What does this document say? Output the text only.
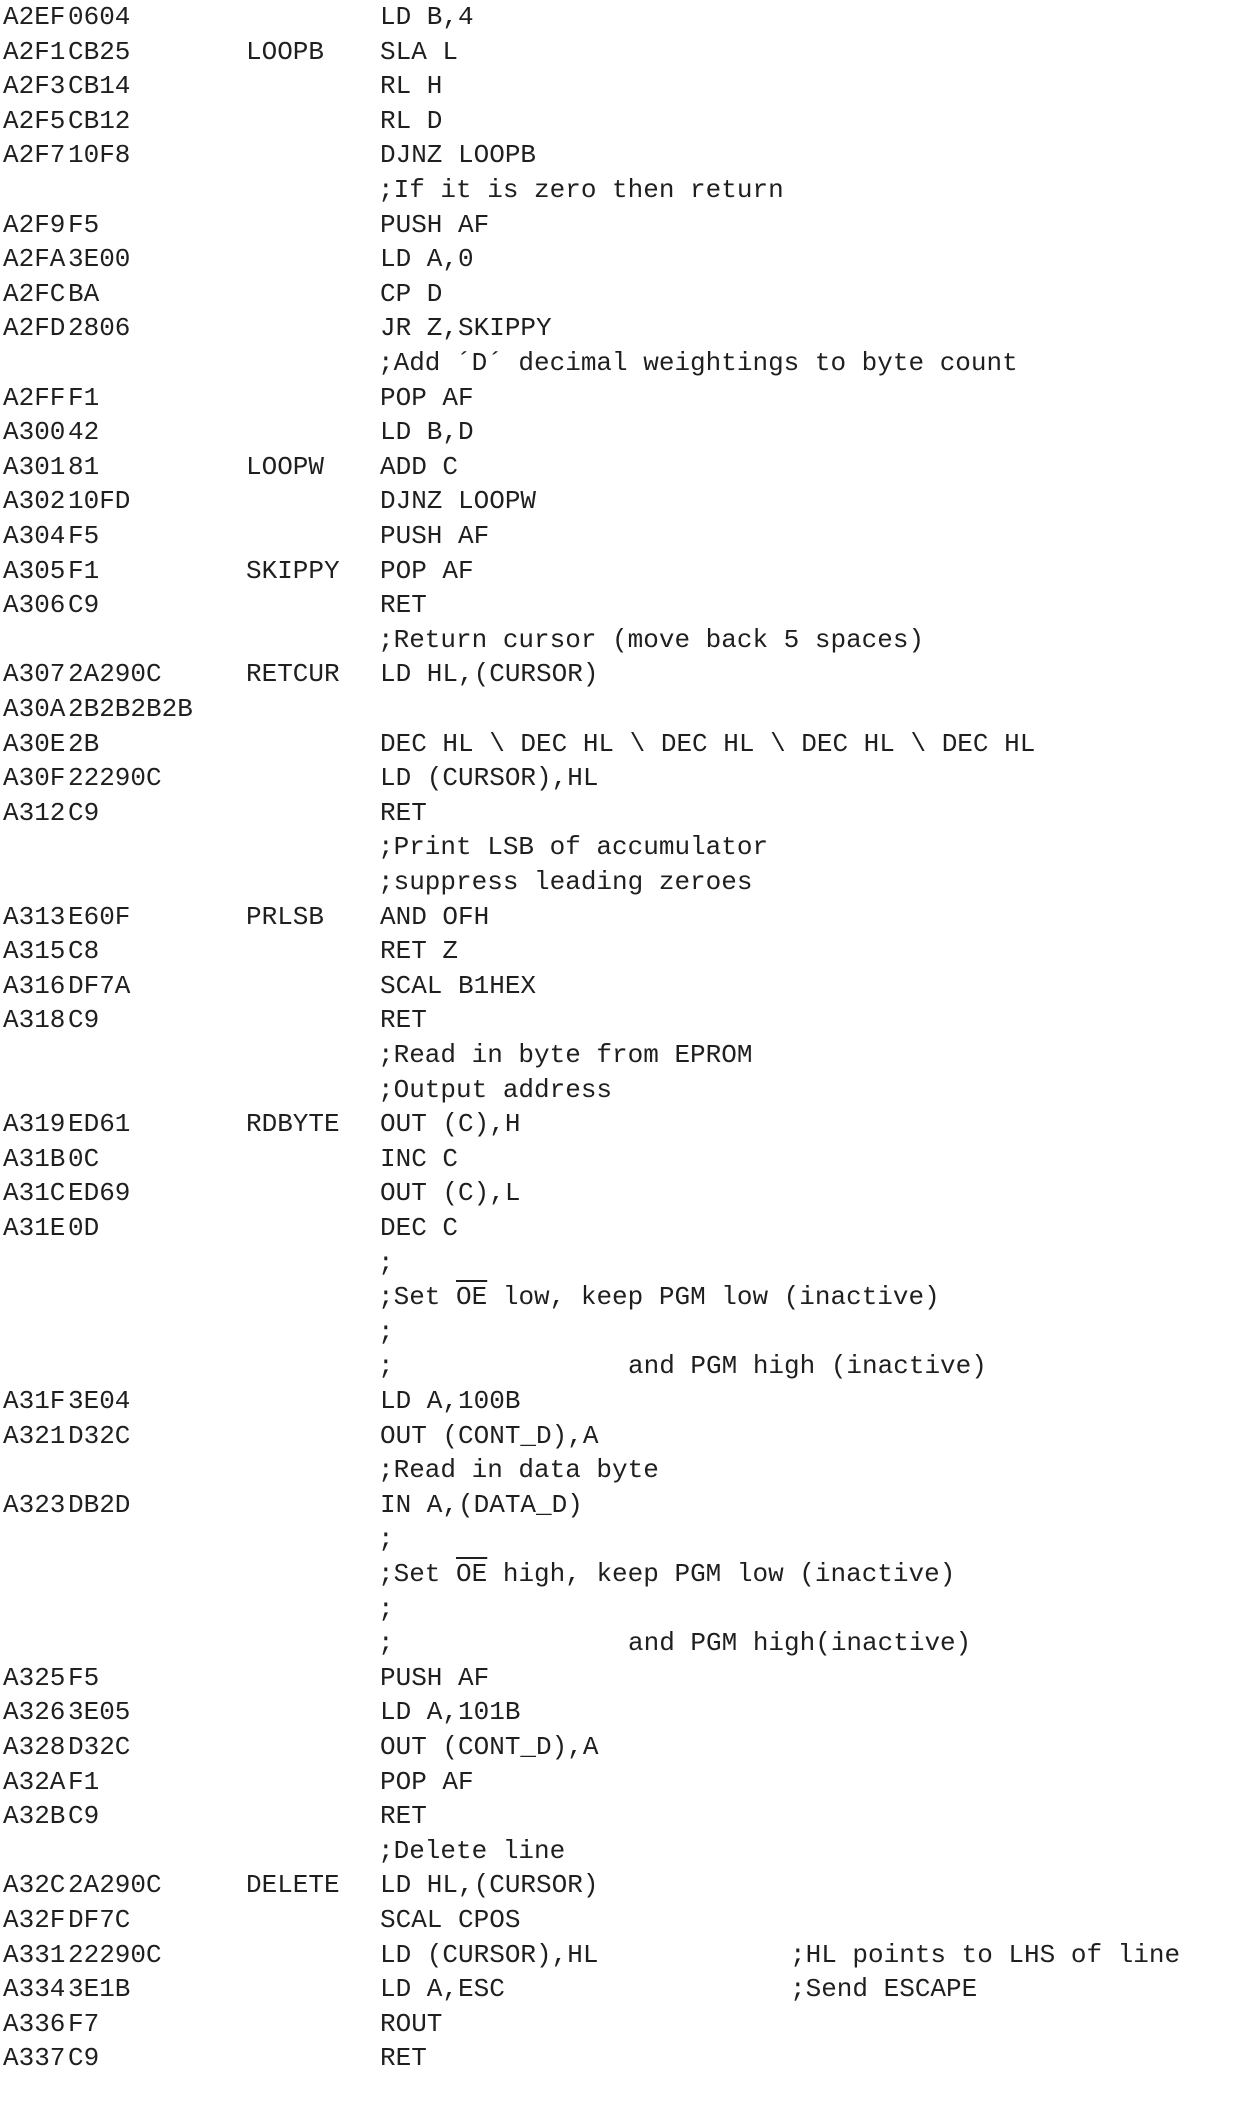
A2EF 0604	LD B,4
A2F1 CB25	LOOPB SLA L
A2F3 CB14	RL H
A2F5 CB12	RL D
A2F7 10F8	DJNZ LOOPB
;If it is zero then return
A2F9 F5	PUSH AF
A2FA 3E00	LD A,0
A2FC BA	CP D
A2FD 2806	JR Z,SKIPPY
;Add ´D´ decimal weightings to byte count
A2FF F1	POP AF
A300 42	LD B,D
A301 81	LOOPW ADD C
A302 10FD	DJNZ LOOPW
A304 F5	PUSH AF
A305 F1	SKIPPY POP AF
A306 C9	RET
;Return cursor (move back 5 spaces)
A307 2A290C	RETCUR LD HL,(CURSOR)
A30A 2B2B2B2B
A30E 2B	DEC HL \ DEC HL \ DEC HL \ DEC HL \ DEC HL
A30F 22290C	LD (CURSOR),HL
A312 C9	RET
;Print LSB of accumulator
;suppress leading zeroes
A313 E60F	PRLSB AND OFH
A315 C8	RET Z
A316 DF7A	SCAL B1HEX
A318 C9	RET
;Read in byte from EPROM
;Output address
A319 ED61	RDBYTE OUT (C),H
A31B 0C	INC C
A31C ED69	OUT (C),L
A31E 0D	DEC C
;
;Set $\overline{OE}$ low, keep PGM low (inactive)
;
;	and PGM high (inactive)
A31F 3E04	LD A,100B
A321 D32C	OUT (CONT_D),A
;Read in data byte
A323 DB2D	IN A,(DATA_D)
;
;Set $\overline{OE}$ high, keep PGM low (inactive)
;
;	and PGM high(inactive)
A325 F5	PUSH AF
A326 3E05	LD A,101B
A328 D32C	OUT (CONT_D),A
A32A F1	POP AF
A32B C9	RET
;Delete line
A32C 2A290C	DELETE LD HL,(CURSOR)
A32F DF7C	SCAL CPOS
A331 22290C	LD (CURSOR),HL	;HL points to LHS of line
A334 3E1B	LD A,ESC	;Send ESCAPE
A336 F7	ROUT
A337 C9	RET
